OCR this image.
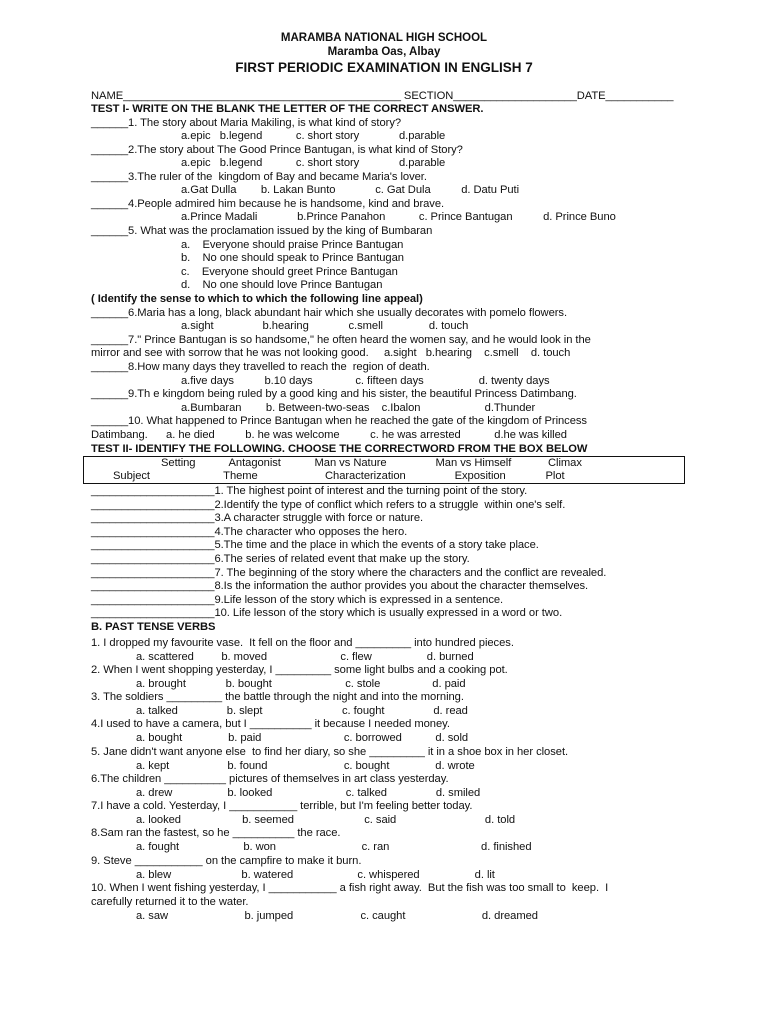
MARAMBA NATIONAL HIGH SCHOOL
Maramba Oas, Albay
FIRST PERIODIC EXAMINATION IN ENGLISH 7
NAME_____________________________________________ SECTION____________________DATE___________
TEST I- WRITE ON THE BLANK THE LETTER OF THE CORRECT ANSWER.
______1. The story about Maria Makiling, is what kind of story?
a.epic   b.legend           c. short story             d.parable
______2.The story about The Good Prince Bantugan, is what kind of Story?
a.epic   b.legend           c. short story             d.parable
______3.The ruler of the  kingdom of Bay and became Maria's lover.
a.Gat Dulla        b. Lakan Bunto             c. Gat Dula          d. Datu Puti
______4.People admired him because he is handsome, kind and brave.
a.Prince Madali             b.Prince Panahon           c. Prince Bantugan          d. Prince Buno
______5. What was the proclamation issued by the king of Bumbaran
a.    Everyone should praise Prince Bantugan
b.    No one should speak to Prince Bantugan
c.    Everyone should greet Prince Bantugan
d.    No one should love Prince Bantugan
( Identify the sense to which to which the following line appeal)
______6.Maria has a long, black abundant hair which she usually decorates with pomelo flowers.
a.sight                b.hearing             c.smell               d. touch
______7." Prince Bantugan is so handsome," he often heard the women say, and he would look in the
mirror and see with sorrow that he was not looking good.     a.sight   b.hearing    c.smell    d. touch
______8.How many days they travelled to reach the  region of death.
a.five days          b.10 days              c. fifteen days                  d. twenty days
______9.Th e kingdom being ruled by a good king and his sister, the beautiful Princess Datimbang.
a.Bumbaran        b. Between-two-seas    c.Ibalon                     d.Thunder
______10. What happened to Prince Bantugan when he reached the gate of the kingdom of Princess
Datimbang.      a. he died          b. he was welcome          c. he was arrested           d.he was killed
TEST II- IDENTIFY THE FOLLOWING. CHOOSE THE CORRECTWORD FROM THE BOX BELOW
Setting           Antagonist           Man vs Nature                Man vs Himself            Climax
Subject                        Theme                      Characterization                Exposition             Plot
____________________1. The highest point of interest and the turning point of the story.
____________________2.Identify the type of conflict which refers to a struggle  within one's self.
____________________3.A character struggle with force or nature.
____________________4.The character who opposes the hero.
____________________5.The time and the place in which the events of a story take place.
____________________6.The series of related event that make up the story.
____________________7. The beginning of the story where the characters and the conflict are revealed.
____________________8.Is the information the author provides you about the character themselves.
____________________9.Life lesson of the story which is expressed in a sentence.
____________________10. Life lesson of the story which is usually expressed in a word or two.
B. PAST TENSE VERBS
1. I dropped my favourite vase.  It fell on the floor and _________ into hundred pieces.
a. scattered         b. moved                        c. flew                  d. burned
2. When I went shopping yesterday, I _________ some light bulbs and a cooking pot.
a. brought             b. bought                        c. stole                 d. paid
3. The soldiers _________ the battle through the night and into the morning.
a. talked                b. slept                          c. fought                d. read
4.I used to have a camera, but I __________ it because I needed money.
a. bought               b. paid                           c. borrowed           d. sold
5. Jane didn't want anyone else  to find her diary, so she _________ it in a shoe box in her closet.
a. kept                   b. found                         c. bought               d. wrote
6.The children __________ pictures of themselves in art class yesterday.
a. drew                  b. looked                        c. talked                d. smiled
7.I have a cold. Yesterday, I ___________ terrible, but I'm feeling better today.
a. looked                    b. seemed                       c. said                             d. told
8.Sam ran the fastest, so he __________ the race.
a. fought                     b. won                            c. ran                              d. finished
9. Steve ___________ on the campfire to make it burn.
a. blew                       b. watered                     c. whispered                  d. lit
10. When I went fishing yesterday, I ___________ a fish right away.  But the fish was too small to  keep.  I
carefully returned it to the water.
a. saw                         b. jumped                      c. caught                         d. dreamed
